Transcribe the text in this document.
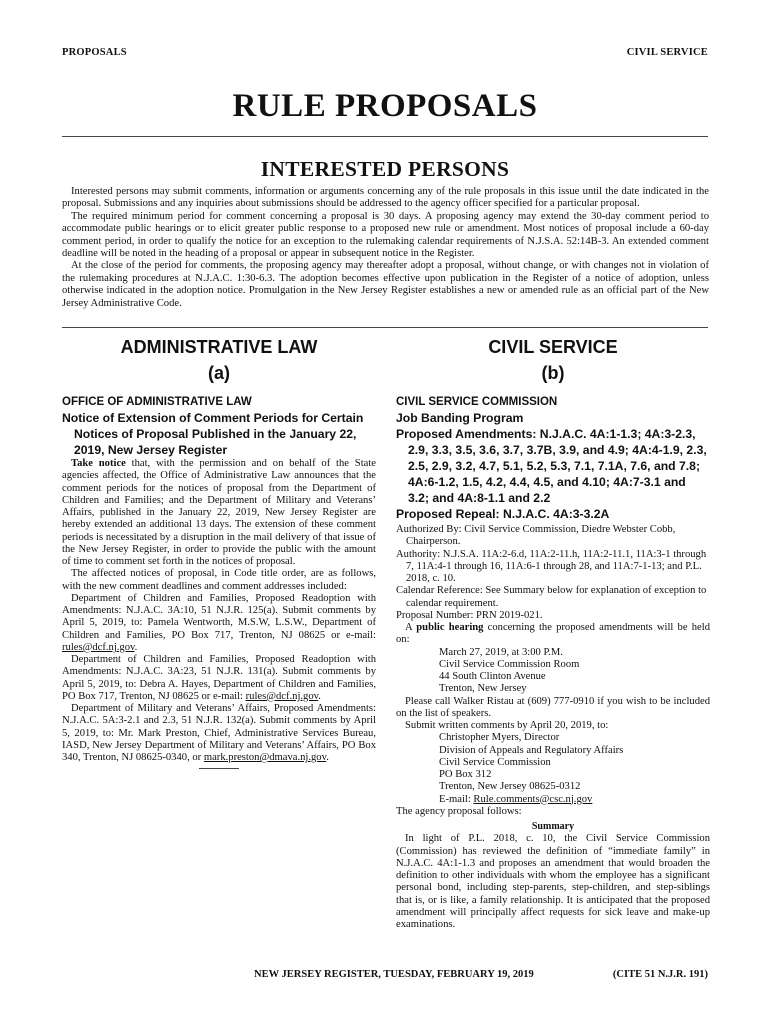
PROPOSALS	CIVIL SERVICE
RULE PROPOSALS
INTERESTED PERSONS

Interested persons may submit comments, information or arguments concerning any of the rule proposals in this issue until the date indicated in the proposal. Submissions and any inquiries about submissions should be addressed to the agency officer specified for a particular proposal.

The required minimum period for comment concerning a proposal is 30 days. A proposing agency may extend the 30-day comment period to accommodate public hearings or to elicit greater public response to a proposed new rule or amendment. Most notices of proposal include a 60-day comment period, in order to qualify the notice for an exception to the rulemaking calendar requirements of N.J.S.A. 52:14B-3. An extended comment deadline will be noted in the heading of a proposal or appear in subsequent notice in the Register.

At the close of the period for comments, the proposing agency may thereafter adopt a proposal, without change, or with changes not in violation of the rulemaking procedures at N.J.A.C. 1:30-6.3. The adoption becomes effective upon publication in the Register of a notice of adoption, unless otherwise indicated in the adoption notice. Promulgation in the New Jersey Register establishes a new or amended rule as an official part of the New Jersey Administrative Code.

ADMINISTRATIVE LAW
(a)
OFFICE OF ADMINISTRATIVE LAW
Notice of Extension of Comment Periods for Certain Notices of Proposal Published in the January 22, 2019, New Jersey Register

Take notice that, with the permission and on behalf of the State agencies affected, the Office of Administrative Law announces that the comment periods for the notices of proposal from the Department of Children and Families; and the Department of Military and Veterans’ Affairs, published in the January 22, 2019, New Jersey Register are hereby extended an additional 13 days. The extension of these comment periods is necessitated by a disruption in the mail delivery of that issue of the New Jersey Register, in order to provide the public with the amount of time to comment set forth in the notices of proposal.

The affected notices of proposal, in Code title order, are as follows, with the new comment deadlines and comment addresses included:

Department of Children and Families, Proposed Readoption with Amendments: N.J.A.C. 3A:10, 51 N.J.R. 125(a). Submit comments by April 5, 2019, to: Pamela Wentworth, M.S.W, L.S.W., Department of Children and Families, PO Box 717, Trenton, NJ 08625 or e-mail: rules@dcf.nj.gov.

Department of Children and Families, Proposed Readoption with Amendments: N.J.A.C. 3A:23, 51 N.J.R. 131(a). Submit comments by April 5, 2019, to: Debra A. Hayes, Department of Children and Families, PO Box 717, Trenton, NJ 08625 or e-mail: rules@dcf.nj.gov.

Department of Military and Veterans’ Affairs, Proposed Amendments: N.J.A.C. 5A:3-2.1 and 2.3, 51 N.J.R. 132(a). Submit comments by April 5, 2019, to: Mr. Mark Preston, Chief, Administrative Services Bureau, IASD, New Jersey Department of Military and Veterans’ Affairs, PO Box 340, Trenton, NJ 08625-0340, or mark.preston@dmava.nj.gov.

CIVIL SERVICE
(b)
CIVIL SERVICE COMMISSION
Job Banding Program
Proposed Amendments: N.J.A.C. 4A:1-1.3; 4A:3-2.3, 2.9, 3.3, 3.5, 3.6, 3.7, 3.7B, 3.9, and 4.9; 4A:4-1.9, 2.3, 2.5, 2.9, 3.2, 4.7, 5.1, 5.2, 5.3, 7.1, 7.1A, 7.6, and 7.8; 4A:6-1.2, 1.5, 4.2, 4.4, 4.5, and 4.10; 4A:7-3.1 and 3.2; and 4A:8-1.1 and 2.2
Proposed Repeal: N.J.A.C. 4A:3-3.2A

Authorized By: Civil Service Commission, Diedre Webster Cobb, Chairperson.

Authority: N.J.S.A. 11A:2-6.d, 11A:2-11.h, 11A:2-11.1, 11A:3-1 through 7, 11A:4-1 through 16, 11A:6-1 through 28, and 11A:7-1-13; and P.L. 2018, c. 10.

Calendar Reference: See Summary below for explanation of exception to calendar requirement.

Proposal Number: PRN 2019-021.

A public hearing concerning the proposed amendments will be held on:

March 27, 2019, at 3:00 P.M.

Civil Service Commission Room

44 South Clinton Avenue

Trenton, New Jersey

Please call Walker Ristau at (609) 777-0910 if you wish to be included on the list of speakers.

Submit written comments by April 20, 2019, to:

Christopher Myers, Director

Division of Appeals and Regulatory Affairs

Civil Service Commission

PO Box 312

Trenton, New Jersey 08625-0312

E-mail: Rule.comments@csc.nj.gov

The agency proposal follows:

Summary

In light of P.L. 2018, c. 10, the Civil Service Commission (Commission) has reviewed the definition of “immediate family” in N.J.A.C. 4A:1-1.3 and proposes an amendment that would broaden the definition to other individuals with whom the employee has a significant personal bond, including step-parents, step-children, and step-siblings that is, or is like, a family relationship. It is anticipated that the proposed amendment will principally affect requests for sick leave and make-up examinations.

NEW JERSEY REGISTER, TUESDAY, FEBRUARY 19, 2019	(CITE 51 N.J.R. 191)
